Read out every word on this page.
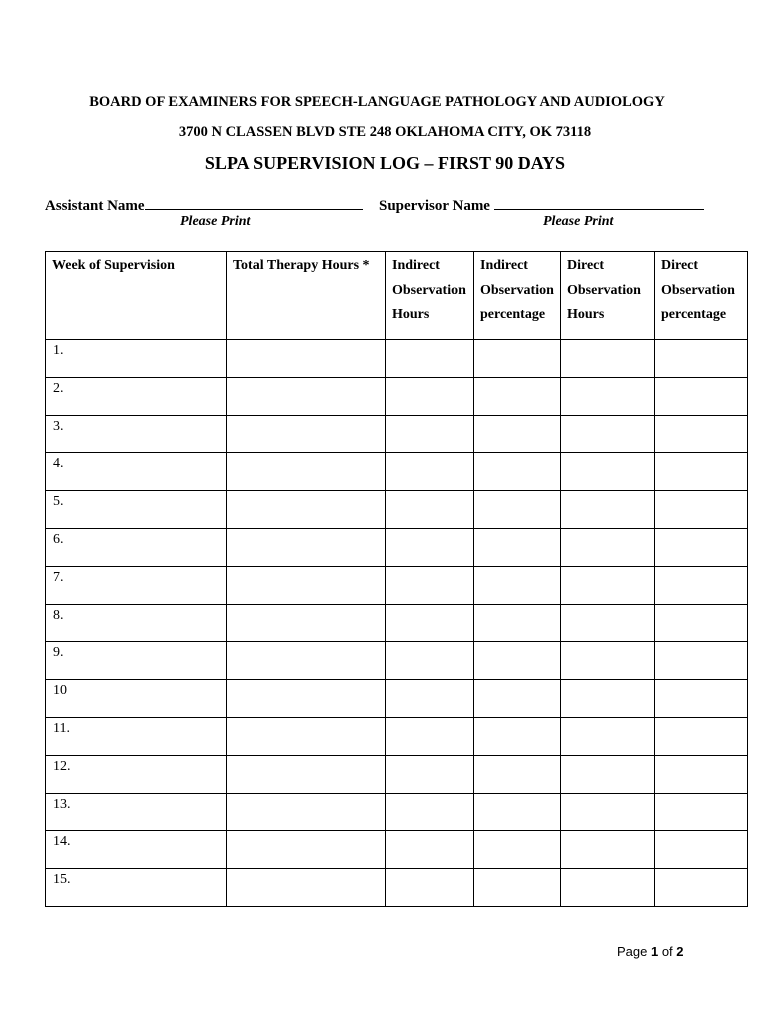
BOARD OF EXAMINERS FOR SPEECH-LANGUAGE PATHOLOGY AND AUDIOLOGY
3700 N CLASSEN BLVD STE 248 OKLAHOMA CITY, OK 73118
SLPA SUPERVISION LOG – FIRST 90 DAYS
Assistant Name
Please Print
Supervisor Name
Please Print
Week of Supervision	Total Therapy Hours *	Indirect Observation Hours	Indirect Observation percentage	Direct Observation Hours	Direct Observation percentage
1.					
2.					
3.					
4.					
5.					
6.					
7.					
8.					
9.					
10					
11.					
12.					
13.					
14.					
15.					
Page 1 of 2
